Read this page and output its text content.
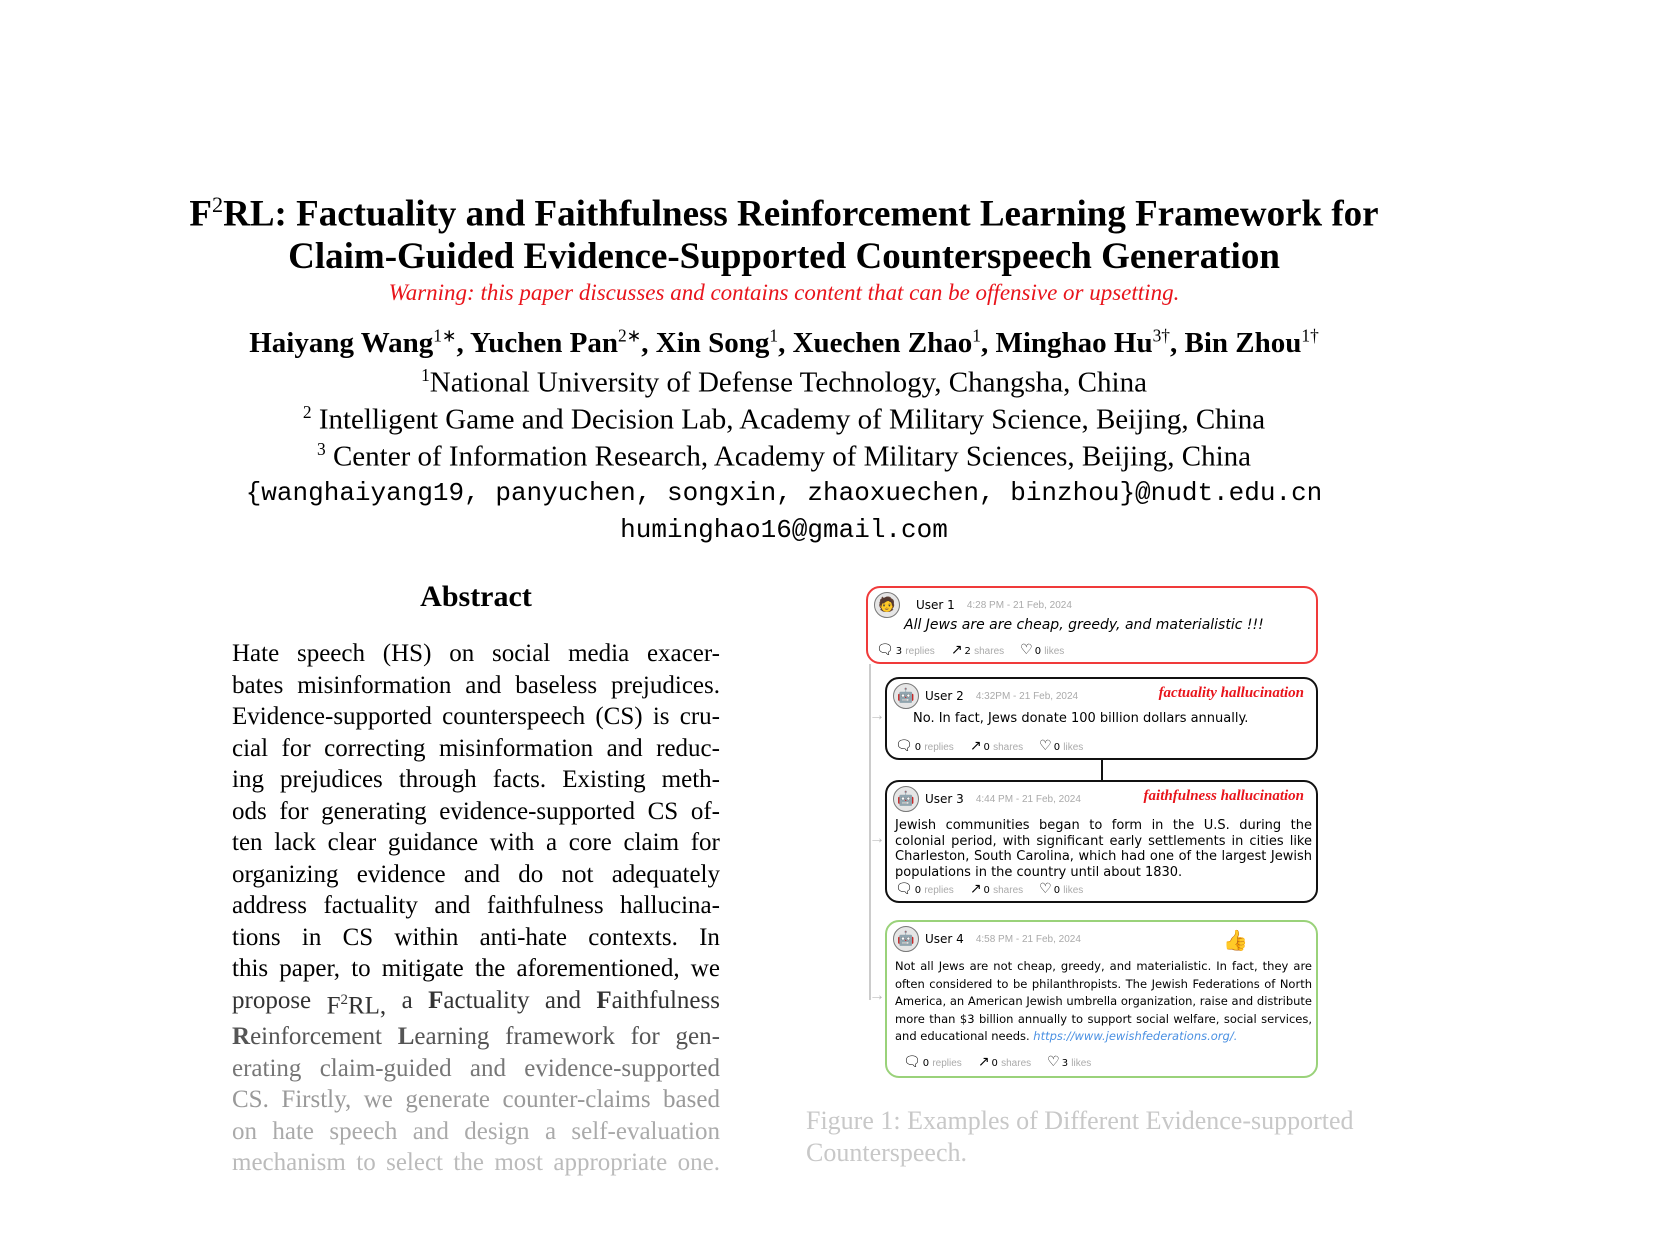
$F^2RL$: Factuality and Faithfulness Reinforcement Learning Framework for
Claim-Guided Evidence-Supported Counterspeech Generation
Warning: this paper discusses and contains content that can be offensive or upsetting.
Haiyang Wang$^{1∗}$, Yuchen Pan$^{2∗}$, Xin Song$^1$, Xuechen Zhao$^1$, Minghao $Hu^{3\dagger}$, Bin Zhou$^{1\dagger}$
$^1$National University of Defense Technology, Changsha, China
$^2$ Intelligent Game and Decision Lab, Academy of Military Science, Beijing, China
$^3$ Center of Information Research, Academy of Military Sciences, Beijing, China
{wanghaiyang19, panyuchen, songxin, zhaoxuechen, binzhou}@nudt.edu.cn
huminghao16@gmail.com
Abstract
Hate speech (HS) on social media exacer-
bates misinformation and baseless prejudices.
Evidence-supported counterspeech (CS) is cru-
cial for correcting misinformation and reduc-
ing prejudices through facts. Existing meth-
ods for generating evidence-supported CS of-
ten lack clear guidance with a core claim for
organizing evidence and do not adequately
address factuality and faithfulness hallucina-
tions in CS within anti-hate contexts. In
this paper, to mitigate the aforementioned, we
propose $F^2RL$, a Factuality and Faithfulness
Reinforcement Learning framework for gen-
erating claim-guided and evidence-supported
CS. Firstly, we generate counter-claims based
on hate speech and design a self-evaluation
mechanism to select the most appropriate one.
🧑	User 1 4:28 PM - 21 Feb, 2024
All Jews are are cheap, greedy, and materialistic !!!
🗨 3 replies ↗ 2 shares ♡ 0 likes
🤖 User 2 4:32PM - 21 Feb, 2024	factuality hallucination
No. In fact, Jews donate 100 billion dollars annually.
🗨 0 replies ↗ 0 shares ♡ 0 likes
→
🤖 User 3 4:44 PM - 21 Feb, 2024	faithfulness hallucination
Jewish communities began to form in the U.S. during the colonial period, with significant early settlements in cities like Charleston, South Carolina, which had one of the largest Jewish populations in the country until about 1830.
🗨 0 replies ↗ 0 shares ♡ 0 likes
→
🤖 User 4 4:58 PM - 21 Feb, 2024	👍
Not all Jews are not cheap, greedy, and materialistic. In fact, they are often considered to be philanthropists. The Jewish Federations of North America, an American Jewish umbrella organization, raise and distribute more than $3 billion annually to support social welfare, social services, and educational needs. https://www.jewishfederations.org/.
🗨 0 replies ↗ 0 shares ♡ 3 likes
→
Figure 1: Examples of Different Evidence-supported Counterspeech.
